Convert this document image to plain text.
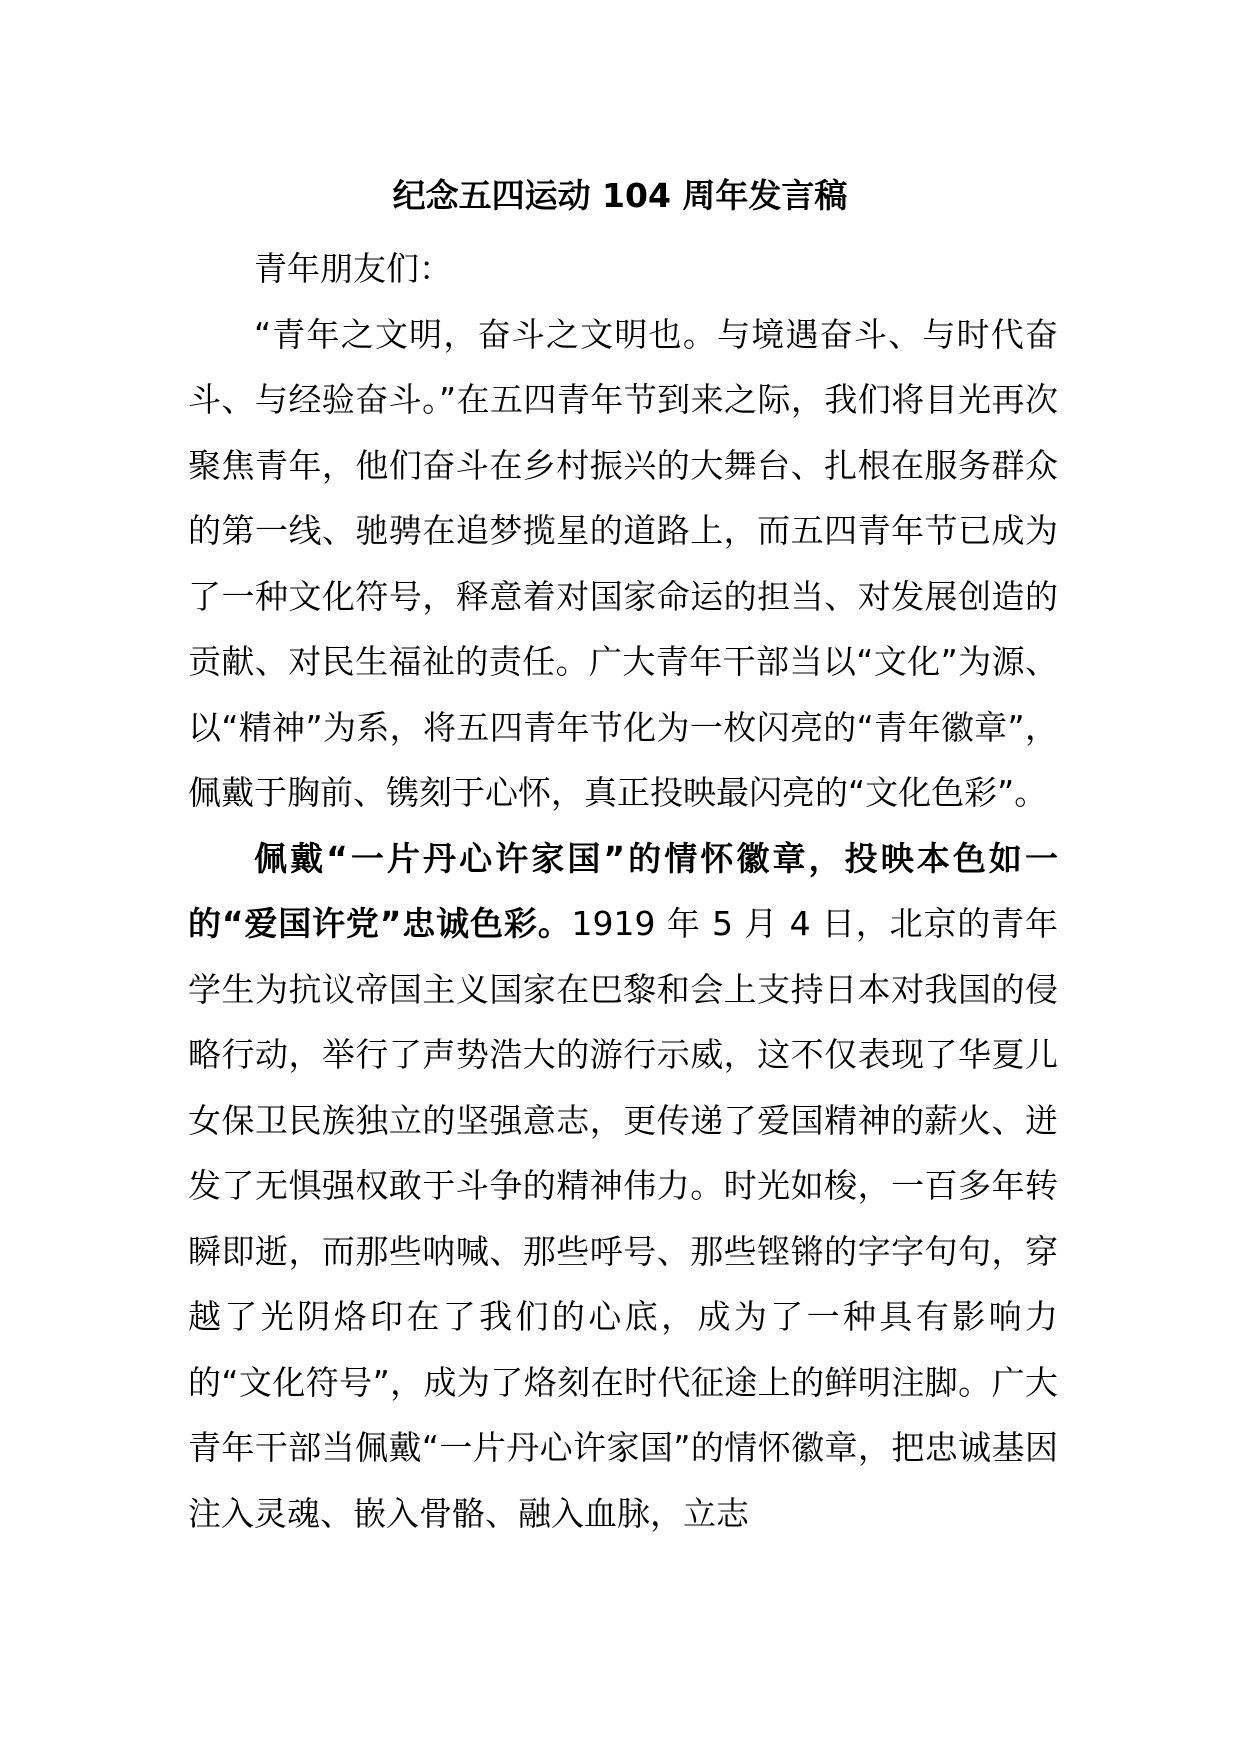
纪念五四运动 104 周年发言稿

青年朋友们：

“青年之文明，奋斗之文明也。与境遇奋斗、与时代奋斗、与经验奋斗。”在五四青年节到来之际，我们将目光再次聚焦青年，他们奋斗在乡村振兴的大舞台、扎根在服务群众的第一线、驰骋在追梦揽星的道路上，而五四青年节已成为了一种文化符号，释意着对国家命运的担当、对发展创造的贡献、对民生福祉的责任。广大青年干部当以“文化”为源、以“精神”为系，将五四青年节化为一枚闪亮的“青年徽章”，佩戴于胸前、镌刻于心怀，真正投映最闪亮的“文化色彩”。

佩戴“一片丹心许家国”的情怀徽章，投映本色如一的“爱国许党”忠诚色彩。1919 年 5 月 4 日，北京的青年学生为抗议帝国主义国家在巴黎和会上支持日本对我国的侵略行动，举行了声势浩大的游行示威，这不仅表现了华夏儿女保卫民族独立的坚强意志，更传递了爱国精神的薪火、迸发了无惧强权敢于斗争的精神伟力。时光如梭，一百多年转瞬即逝，而那些呐喊、那些呼号、那些铿锵的字字句句，穿越了光阴烙印在了我们的心底，成为了一种具有影响力的“文化符号”，成为了烙刻在时代征途上的鲜明注脚。广大青年干部当佩戴“一片丹心许家国”的情怀徽章，把忠诚基因注入灵魂、嵌入骨骼、融入血脉，立志
